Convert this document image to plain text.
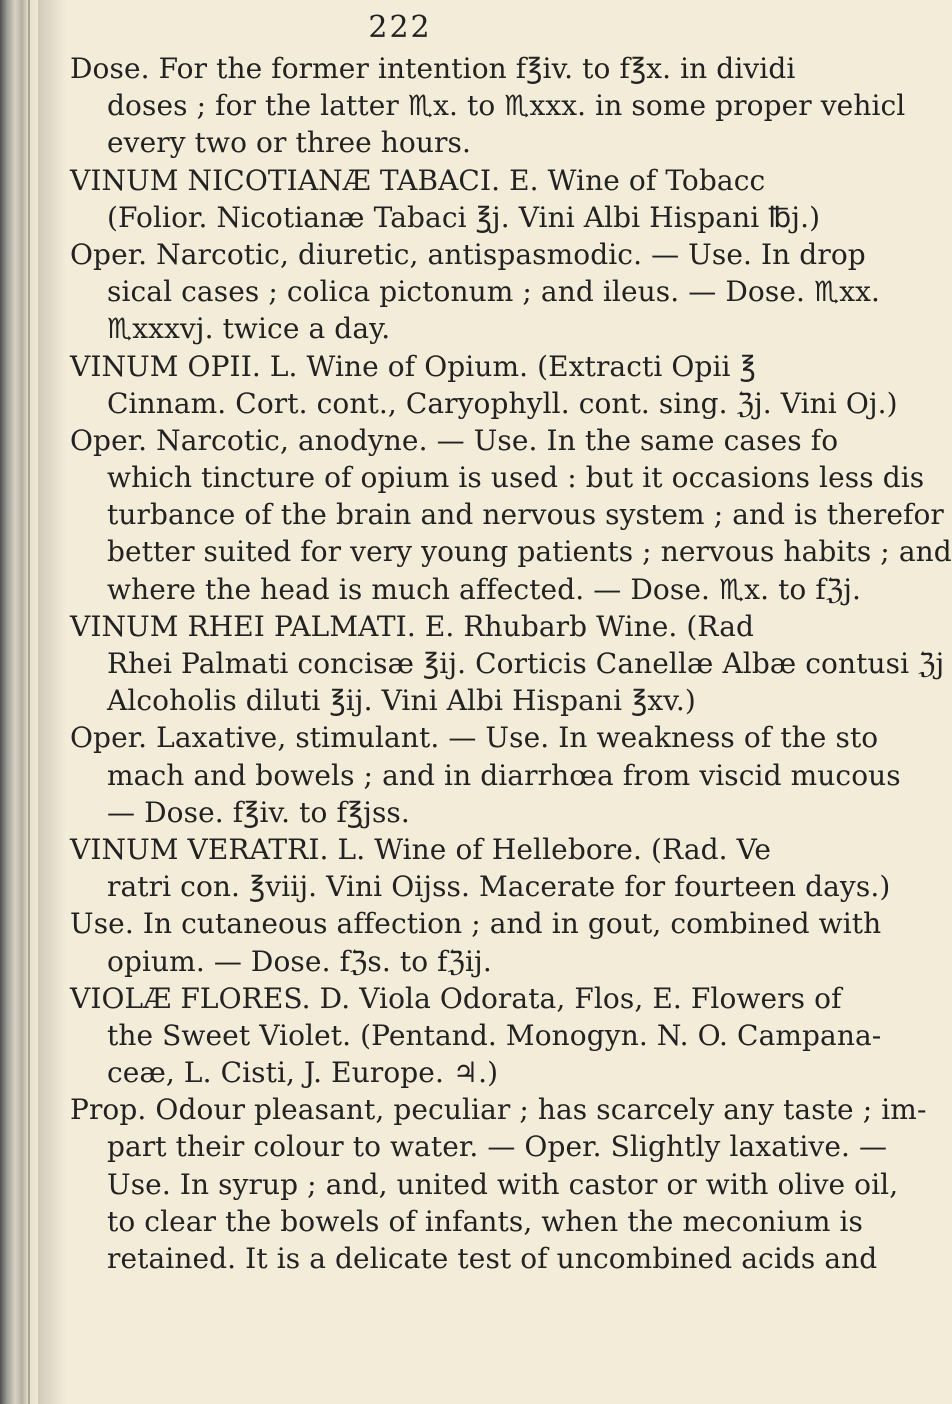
222
Dose. For the former intention f℥iv. to f℥x. in dividi
doses ; for the latter ♏︎x. to ♏︎xxx. in some proper vehicl
every two or three hours.
VINUM NICOTIANÆ TABACI. E. Wine of Tobacc
(Folior. Nicotianæ Tabaci ℥j. Vini Albi Hispani ℔j.)
Oper. Narcotic, diuretic, antispasmodic. — Use. In drop
sical cases ; colica pictonum ; and ileus. — Dose. ♏︎xx.
♏︎xxxvj. twice a day.
VINUM OPII. L. Wine of Opium. (Extracti Opii ℥
Cinnam. Cort. cont., Caryophyll. cont. sing. ℨj. Vini Oj.)
Oper. Narcotic, anodyne. — Use. In the same cases fo
which tincture of opium is used : but it occasions less dis
turbance of the brain and nervous system ; and is therefor
better suited for very young patients ; nervous habits ; and
where the head is much affected. — Dose. ♏︎x. to fℨj.
VINUM RHEI PALMATI. E. Rhubarb Wine. (Rad
Rhei Palmati concisæ ℥ij. Corticis Canellæ Albæ contusi ℨj
Alcoholis diluti ℥ij. Vini Albi Hispani ℥xv.)
Oper. Laxative, stimulant. — Use. In weakness of the sto
mach and bowels ; and in diarrhœa from viscid mucous
— Dose. f℥iv. to f℥jss.
VINUM VERATRI. L. Wine of Hellebore. (Rad. Ve
ratri con. ℥viij. Vini Oijss. Macerate for fourteen days.)
Use. In cutaneous affection ; and in gout, combined with
opium. — Dose. fℨs. to fℨij.
VIOLÆ FLORES. D. Viola Odorata, Flos, E. Flowers of
the Sweet Violet. (Pentand. Monogyn. N. O. Campana-
ceæ, L. Cisti, J. Europe. ♃.)
Prop. Odour pleasant, peculiar ; has scarcely any taste ; im-
part their colour to water. — Oper. Slightly laxative. —
Use. In syrup ; and, united with castor or with olive oil,
to clear the bowels of infants, when the meconium is
retained. It is a delicate test of uncombined acids and
